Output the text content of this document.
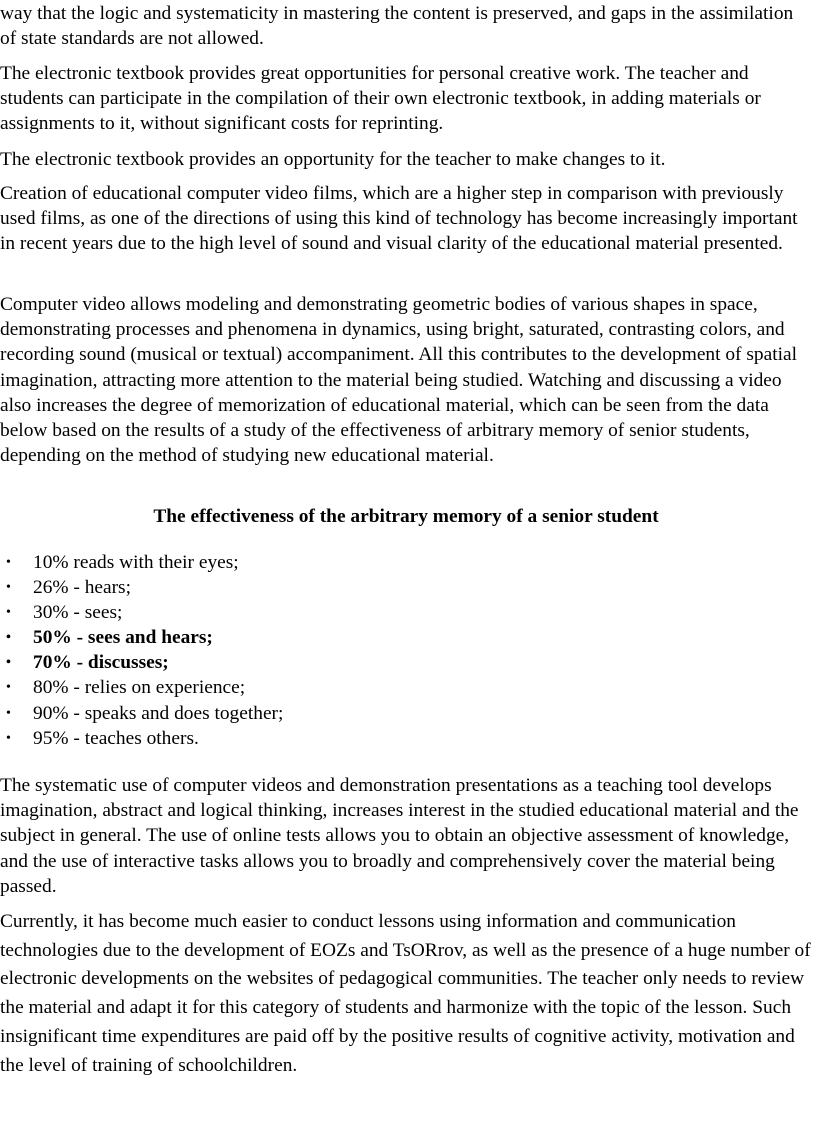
way that the logic and systematicity in mastering the content is preserved, and gaps in the assimilation of state standards are not allowed.

The electronic textbook provides great opportunities for personal creative work. The teacher and students can participate in the compilation of their own electronic textbook, in adding materials or assignments to it, without significant costs for reprinting.

The electronic textbook provides an opportunity for the teacher to make changes to it.

Creation of educational computer video films, which are a higher step in comparison with previously used films, as one of the directions of using this kind of technology has become increasingly important in recent years due to the high level of sound and visual clarity of the educational material presented.

Computer video allows modeling and demonstrating geometric bodies of various shapes in space, demonstrating processes and phenomena in dynamics, using bright, saturated, contrasting colors, and recording sound (musical or textual) accompaniment. All this contributes to the development of spatial imagination, attracting more attention to the material being studied. Watching and discussing a video also increases the degree of memorization of educational material, which can be seen from the data below based on the results of a study of the effectiveness of arbitrary memory of senior students, depending on the method of studying new educational material.

The effectiveness of the arbitrary memory of a senior student

• 10% reads with their eyes;
• 26% - hears;
• 30% - sees;
• 50% - sees and hears;
• 70% - discusses;
• 80% - relies on experience;
• 90% - speaks and does together;
• 95% - teaches others.

The systematic use of computer videos and demonstration presentations as a teaching tool develops imagination, abstract and logical thinking, increases interest in the studied educational material and the subject in general. The use of online tests allows you to obtain an objective assessment of knowledge, and the use of interactive tasks allows you to broadly and comprehensively cover the material being passed.

Currently, it has become much easier to conduct lessons using information and communication technologies due to the development of EOZs and TsORrov, as well as the presence of a huge number of electronic developments on the websites of pedagogical communities. The teacher only needs to review the material and adapt it for this category of students and harmonize with the topic of the lesson. Such insignificant time expenditures are paid off by the positive results of cognitive activity, motivation and the level of training of schoolchildren.
